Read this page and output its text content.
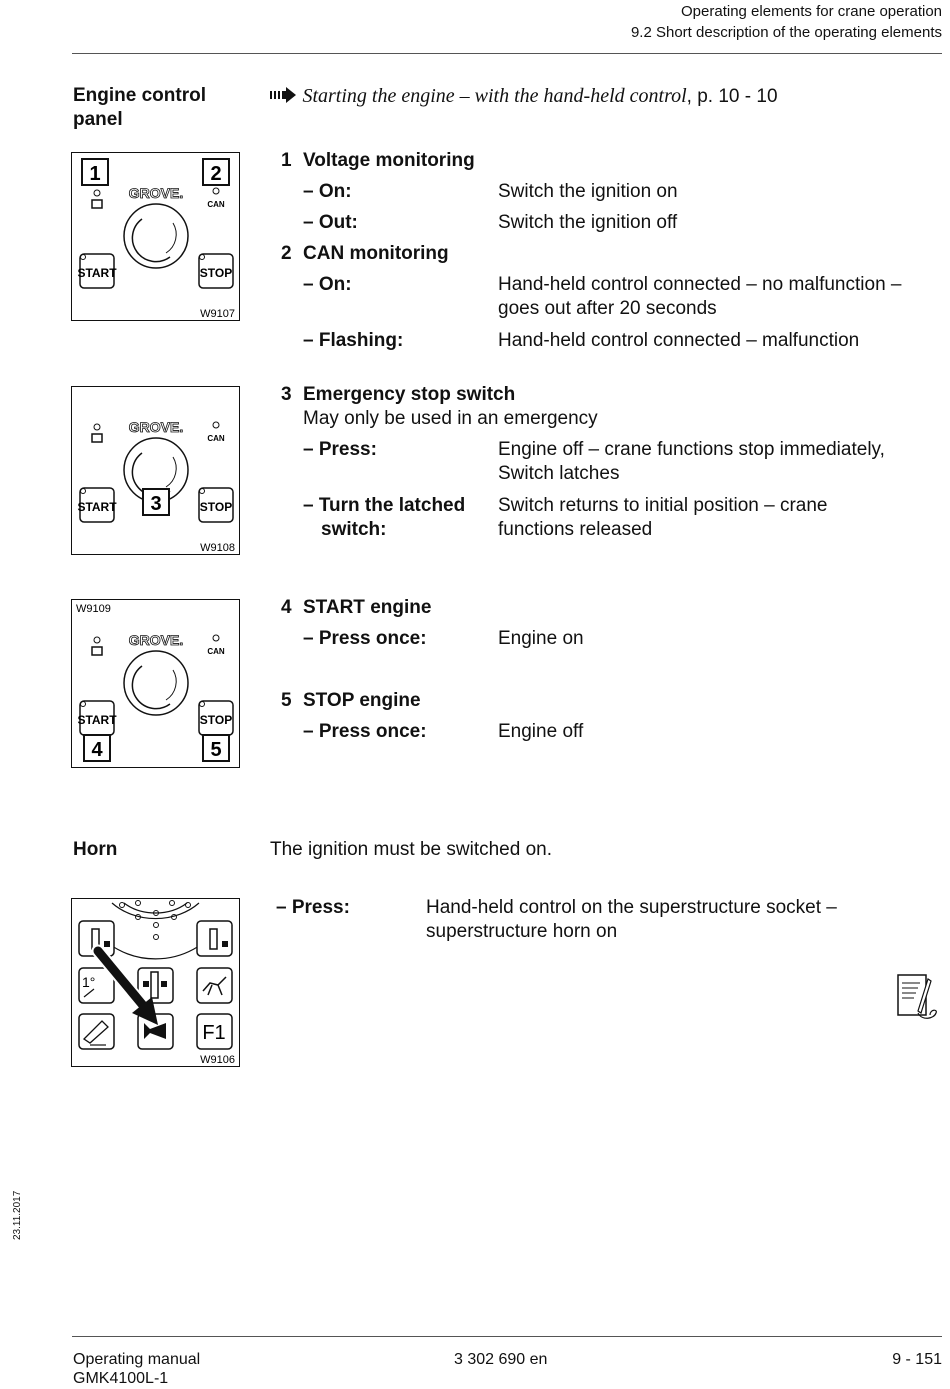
Operating elements for crane operation
9.2 Short description of the operating elements
Engine control panel
Starting the engine – with the hand-held control, p. 10 - 10
1	2
GROVE.
CAN
START	STOP
W9107
GROVE.
CAN
3
START	STOP
W9108
W9109
GROVE.
CAN
START
4
STOP
5
1 Voltage monitoring
– On:	Switch the ignition on
– Out:	Switch the ignition off
2 CAN monitoring
– On:	Hand-held control connected – no malfunction –
goes out after 20 seconds
– Flashing:	Hand-held control connected – malfunction
3 Emergency stop switch
May only be used in an emergency
– Press:	Engine off – crane functions stop immediately,
Switch latches
– Turn the latched
switch:
Switch returns to initial position – crane
functions released
4 START engine
– Press once:	Engine on
5 STOP engine
– Press once:	Engine off
Horn	The ignition must be switched on.
– Press:	Hand-held control on the superstructure socket –
superstructure horn on
1°
F1
W9106
23.11.2017
Operating manual
GMK4100L-1
3 302 690 en	9 - 151
